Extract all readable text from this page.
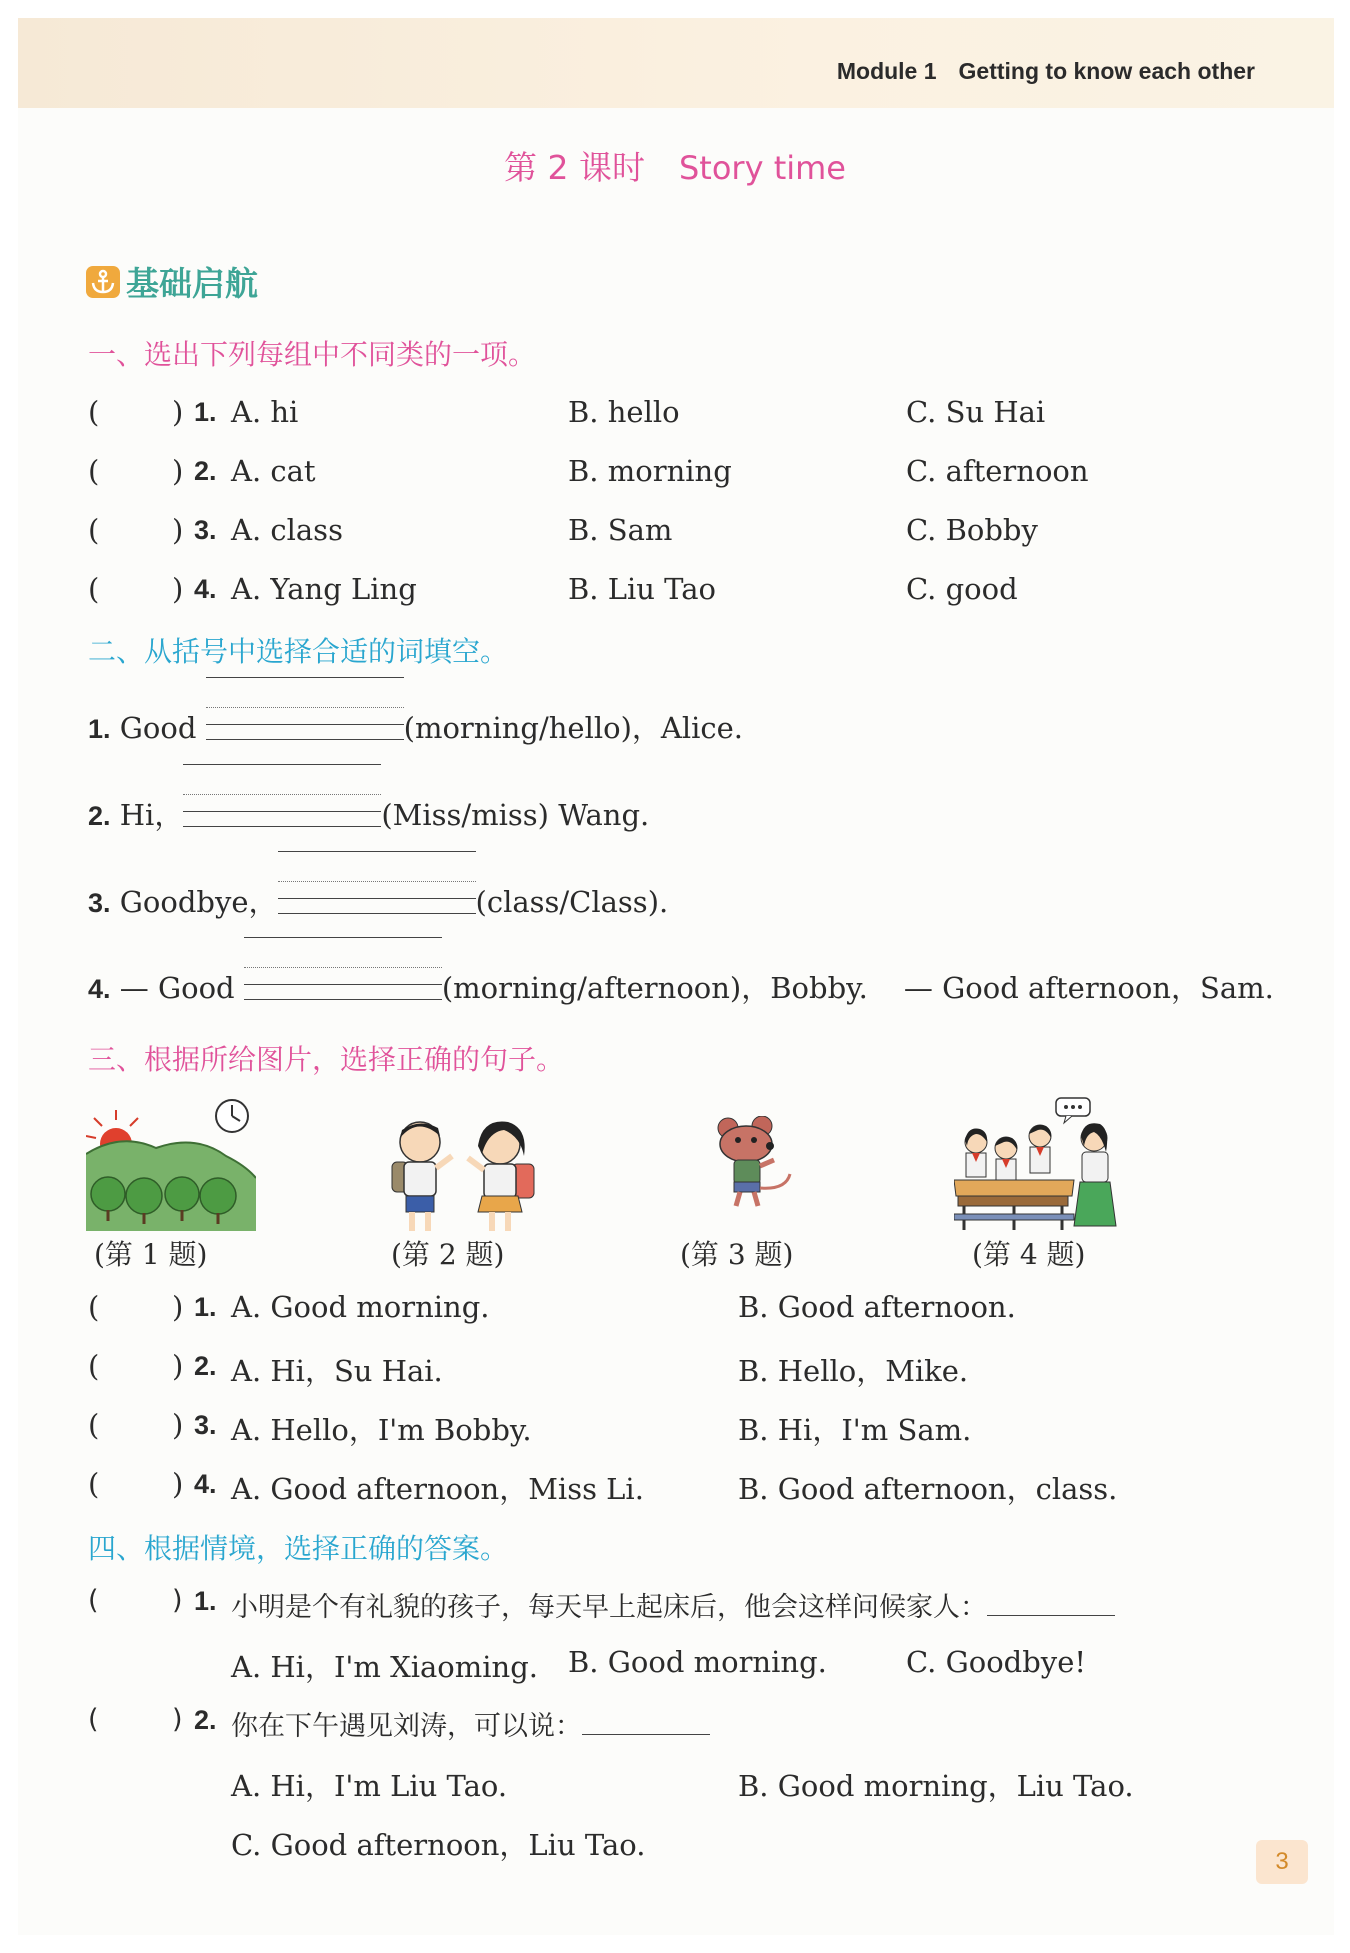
Module 1 Getting to know each other
第 2 课时 Story time
基础启航
一、选出下列每组中不同类的一项。
(	) 1. A. hi	B. hello	C. Su Hai
(	) 2. A. cat	B. morning	C. afternoon
(	) 3. A. class	B. Sam	C. Bobby
(	) 4. A. Yang Ling	B. Liu Tao	C. good
二、从括号中选择合适的词填空。
1. Good	(morning/hello)，Alice.
2. Hi，	(Miss/miss) Wang.
3. Goodbye，	(class/Class).
4. — Good	(morning/afternoon)，Bobby. — Good afternoon，Sam.
三、根据所给图片，选择正确的句子。
(第 1 题)	(第 2 题)	(第 3 题)	(第 4 题)
(	) 1. A. Good morning.	B. Good afternoon.
(	) 2. A. Hi，Su Hai.	B. Hello，Mike.
(	) 3. A. Hello，I'm Bobby.	B. Hi，I'm Sam.
(	) 4. A. Good afternoon，Miss Li.	B. Good afternoon，class.
四、根据情境，选择正确的答案。
(	) 1. 小明是个有礼貌的孩子，每天早上起床后，他会这样问候家人：
A. Hi，I'm Xiaoming. B. Good morning.	C. Goodbye!
(	) 2. 你在下午遇见刘涛，可以说：
A. Hi，I'm Liu Tao.	B. Good morning，Liu Tao.
C. Good afternoon，Liu Tao.	3
